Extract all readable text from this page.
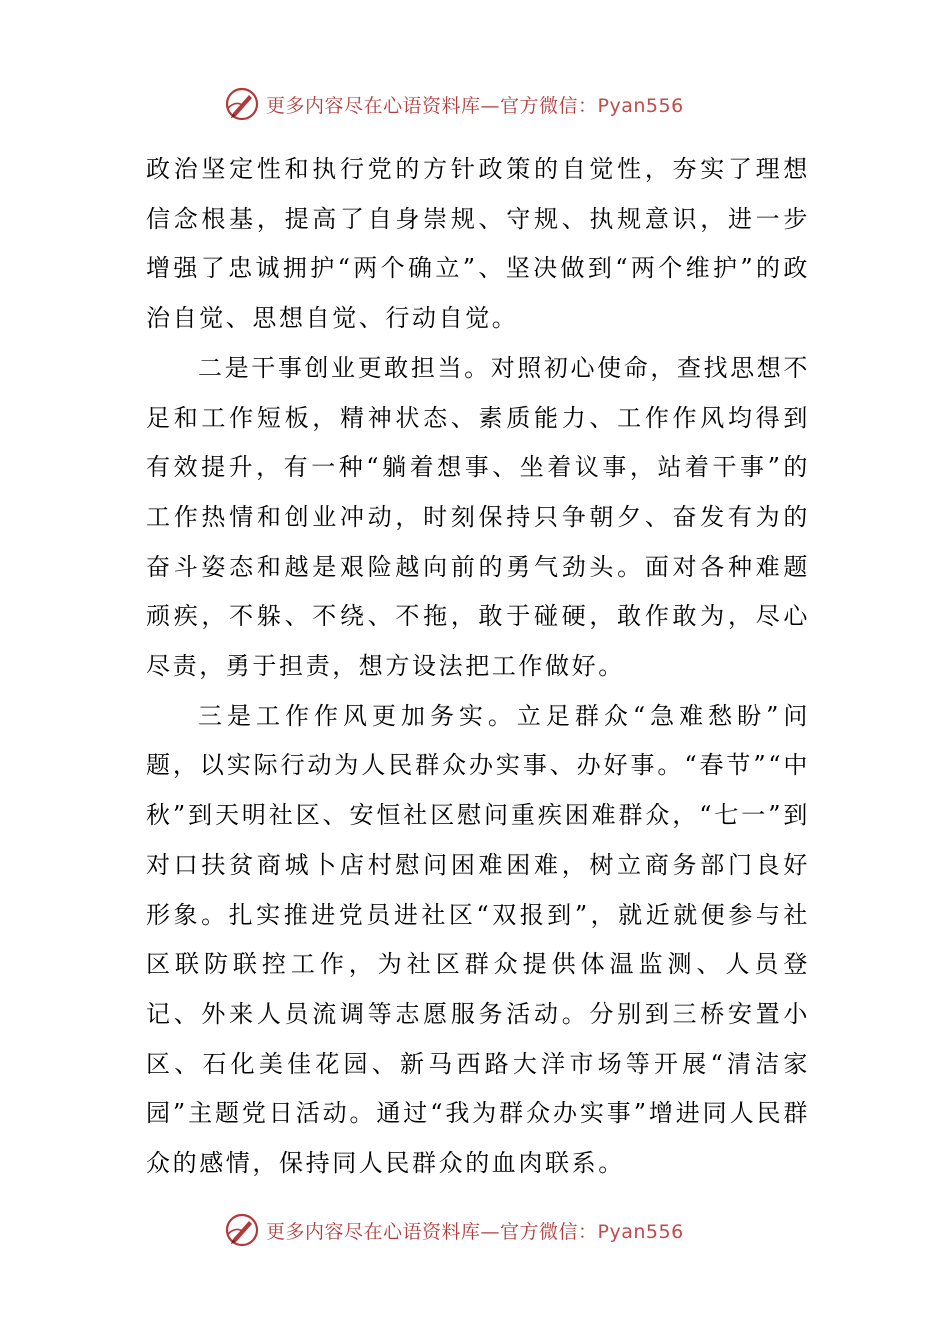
更多内容尽在心语资料库—官方微信：Pyan556

政治坚定性和执行党的方针政策的自觉性，夯实了理想信念根基，提高了自身崇规、守规、执规意识，进一步增强了忠诚拥护“两个确立”、坚决做到“两个维护”的政治自觉、思想自觉、行动自觉。

二是干事创业更敢担当。对照初心使命，查找思想不足和工作短板，精神状态、素质能力、工作作风均得到有效提升，有一种“躺着想事、坐着议事，站着干事”的工作热情和创业冲动，时刻保持只争朝夕、奋发有为的奋斗姿态和越是艰险越向前的勇气劲头。面对各种难题顽疾，不躲、不绕、不拖，敢于碰硬，敢作敢为，尽心尽责，勇于担责，想方设法把工作做好。

三是工作作风更加务实。立足群众“急难愁盼”问题，以实际行动为人民群众办实事、办好事。“春节”“中秋”到天明社区、安恒社区慰问重疾困难群众，“七一”到对口扶贫商城卜店村慰问困难困难，树立商务部门良好形象。扎实推进党员进社区“双报到”，就近就便参与社区联防联控工作，为社区群众提供体温监测、人员登记、外来人员流调等志愿服务活动。分别到三桥安置小区、石化美佳花园、新马西路大洋市场等开展“清洁家园”主题党日活动。通过“我为群众办实事”增进同人民群众的感情，保持同人民群众的血肉联系。

更多内容尽在心语资料库—官方微信：Pyan556
